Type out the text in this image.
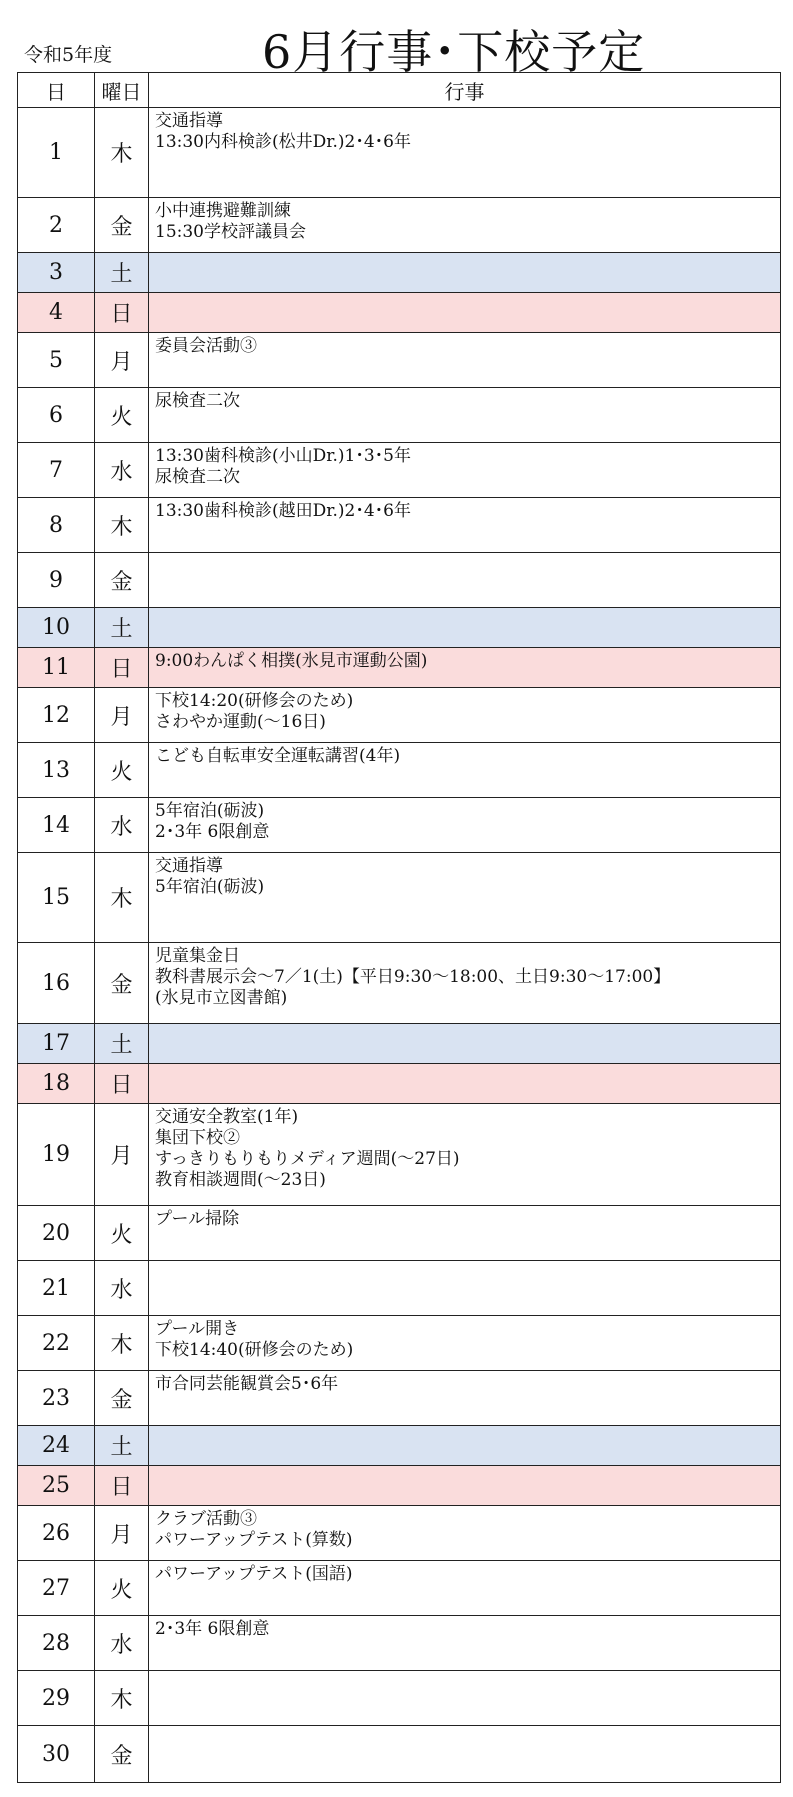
令和5年度	6月行事･下校予定
日	曜日	行事
1	木	交通指導
13:30内科検診(松井Dr.)2･4･6年

2	金	小中連携避難訓練
15:30学校評議員会

3	土	
4	日	
5	月	委員会活動③

6	火	尿検査二次

7	水	13:30歯科検診(小山Dr.)1･3･5年
尿検査二次

8	木	13:30歯科検診(越田Dr.)2･4･6年

9	金	
10	土	
11	日	9:00わんぱく相撲(氷見市運動公園)

12	月	下校14:20(研修会のため)
さわやか運動(～16日)

13	火	こども自転車安全運転講習(4年)

14	水	5年宿泊(砺波)
2･3年 6限創意

15	木	交通指導
5年宿泊(砺波)

16	金	児童集金日
教科書展示会～7／1(土)【平日9:30～18:00、土日9:30～17:00】
(氷見市立図書館)

17	土	
18	日	
19	月	交通安全教室(1年)
集団下校②
すっきりもりもりメディア週間(～27日)
教育相談週間(～23日)

20	火	プール掃除

21	水	
22	木	プール開き
下校14:40(研修会のため)

23	金	市合同芸能観賞会5･6年

24	土	
25	日	
26	月	クラブ活動③
パワーアップテスト(算数)

27	火	パワーアップテスト(国語)

28	水	2･3年 6限創意

29	木	
30	金	
